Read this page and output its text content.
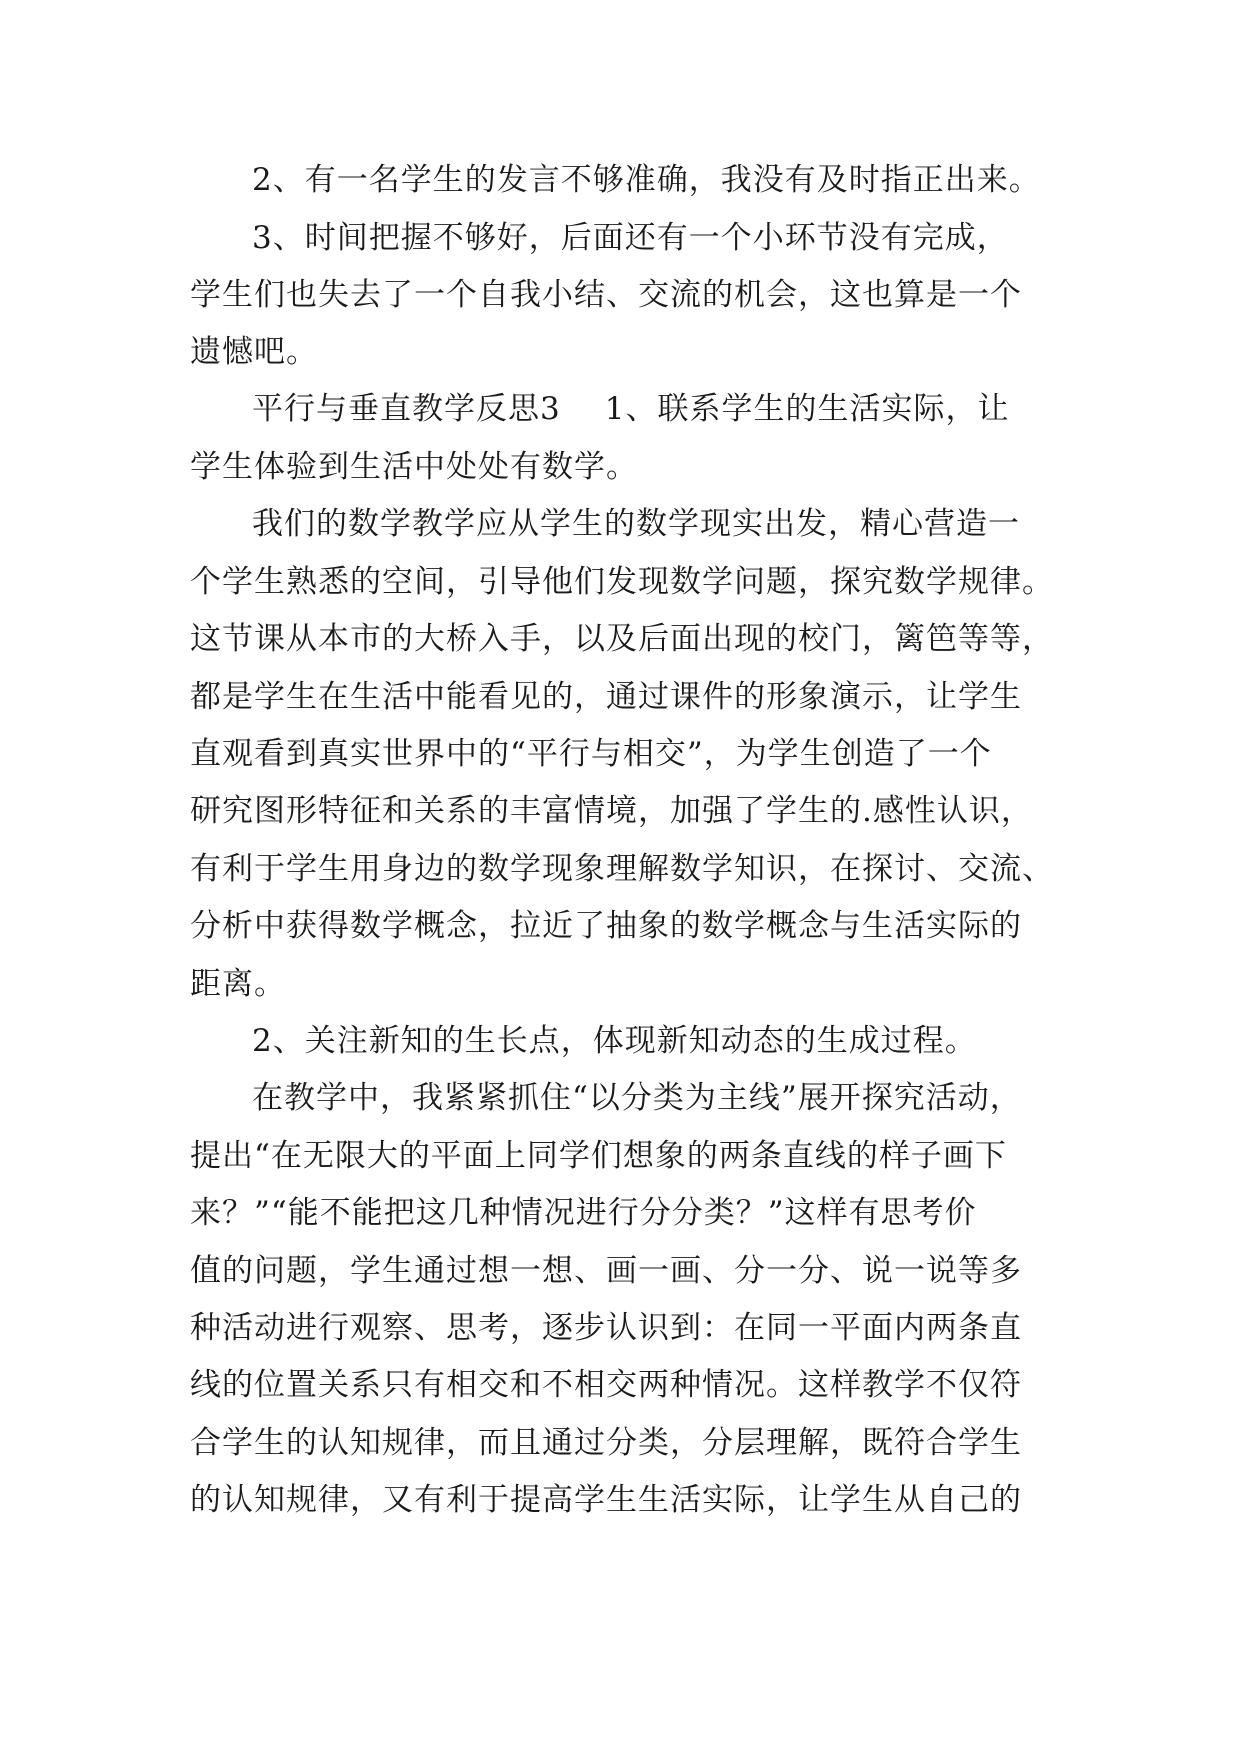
2、有一名学生的发言不够准确，我没有及时指正出来。
3、时间把握不够好，后面还有一个小环节没有完成，
学生们也失去了一个自我小结、交流的机会，这也算是一个
遗憾吧。
平行与垂直教学反思3 1、联系学生的生活实际，让
学生体验到生活中处处有数学。
我们的数学教学应从学生的数学现实出发，精心营造一
个学生熟悉的空间，引导他们发现数学问题，探究数学规律。
这节课从本市的大桥入手，以及后面出现的校门，篱笆等等，
都是学生在生活中能看见的，通过课件的形象演示，让学生
直观看到真实世界中的“平行与相交”，为学生创造了一个
研究图形特征和关系的丰富情境，加强了学生的.感性认识，
有利于学生用身边的数学现象理解数学知识，在探讨、交流、
分析中获得数学概念，拉近了抽象的数学概念与生活实际的
距离。
2、关注新知的生长点，体现新知动态的生成过程。
在教学中，我紧紧抓住“以分类为主线”展开探究活动，
提出“在无限大的平面上同学们想象的两条直线的样子画下
来？”“能不能把这几种情况进行分分类？”这样有思考价
值的问题，学生通过想一想、画一画、分一分、说一说等多
种活动进行观察、思考，逐步认识到：在同一平面内两条直
线的位置关系只有相交和不相交两种情况。这样教学不仅符
合学生的认知规律，而且通过分类，分层理解，既符合学生
的认知规律，又有利于提高学生生活实际，让学生从自己的
